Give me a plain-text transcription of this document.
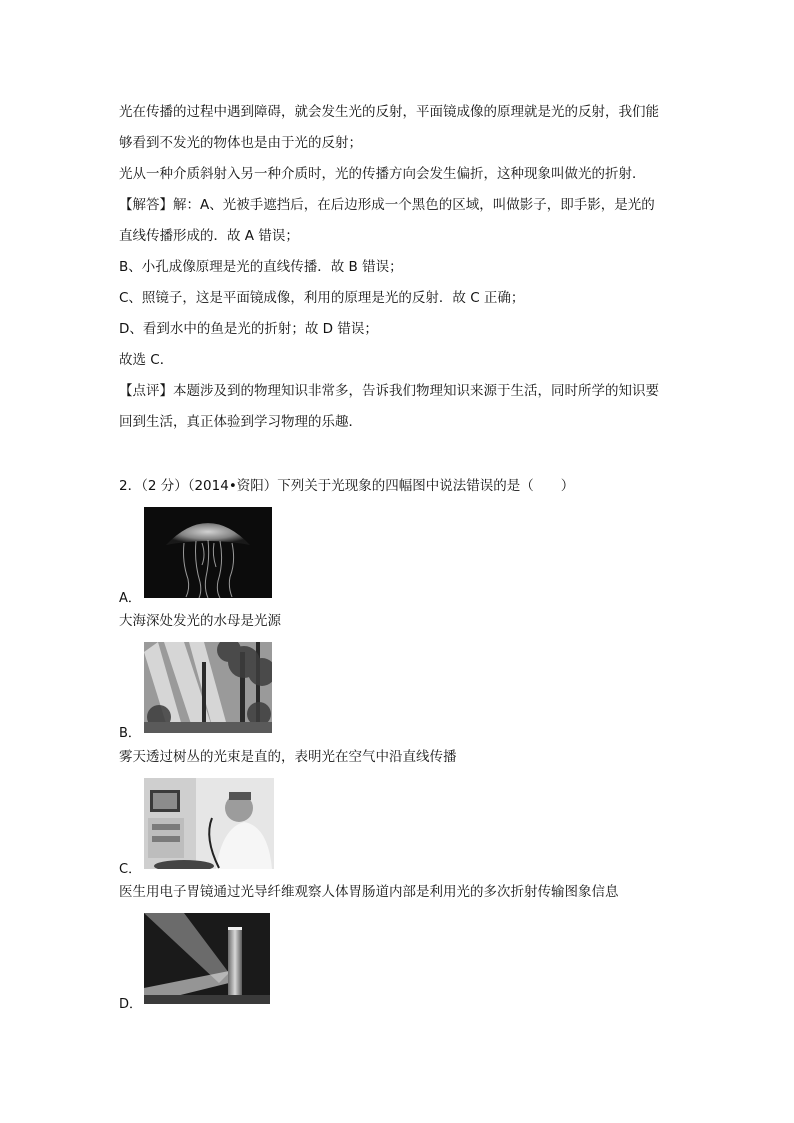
光在传播的过程中遇到障碍，就会发生光的反射，平面镜成像的原理就是光的反射，我们能
够看到不发光的物体也是由于光的反射；
光从一种介质斜射入另一种介质时，光的传播方向会发生偏折，这种现象叫做光的折射．
【解答】解：A、光被手遮挡后，在后边形成一个黑色的区域，叫做影子，即手影，是光的
直线传播形成的．故 A 错误；
B、小孔成像原理是光的直线传播．故 B 错误；
C、照镜子，这是平面镜成像，利用的原理是光的反射．故 C 正确；
D、看到水中的鱼是光的折射；故 D 错误；
故选 C．
【点评】本题涉及到的物理知识非常多，告诉我们物理知识来源于生活，同时所学的知识要
回到生活，真正体验到学习物理的乐趣．
2．（2 分）（2014•资阳）下列关于光现象的四幅图中说法错误的是（　　）
A．
大海深处发光的水母是光源
B．
雾天透过树丛的光束是直的，表明光在空气中沿直线传播
C．
医生用电子胃镜通过光导纤维观察人体胃肠道内部是利用光的多次折射传输图象信息
D．
